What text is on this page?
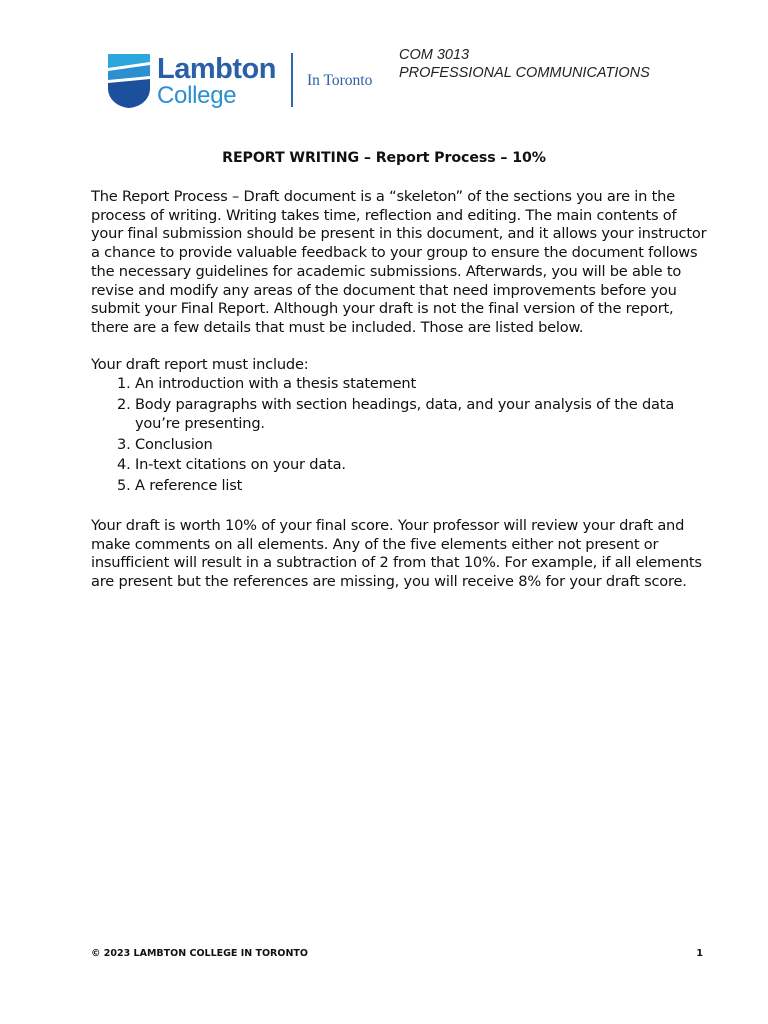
Lambton
College
In Toronto
COM 3013
PROFESSIONAL COMMUNICATIONS
REPORT WRITING – Report Process – 10%

The Report Process – Draft document is a “skeleton” of the sections you are in the process of writing. Writing takes time, reflection and editing. The main contents of your final submission should be present in this document, and it allows your instructor a chance to provide valuable feedback to your group to ensure the document follows the necessary guidelines for academic submissions. Afterwards, you will be able to revise and modify any areas of the document that need improvements before you submit your Final Report. Although your draft is not the final version of the report, there are a few details that must be included. Those are listed below.

Your draft report must include:

1. An introduction with a thesis statement
2. Body paragraphs with section headings, data, and your analysis of the data you’re presenting.
3. Conclusion
4. In-text citations on your data.
5. A reference list

Your draft is worth 10% of your final score. Your professor will review your draft and make comments on all elements. Any of the five elements either not present or insufficient will result in a subtraction of 2 from that 10%. For example, if all elements are present but the references are missing, you will receive 8% for your draft score.

© 2023 LAMBTON COLLEGE IN TORONTO	1
